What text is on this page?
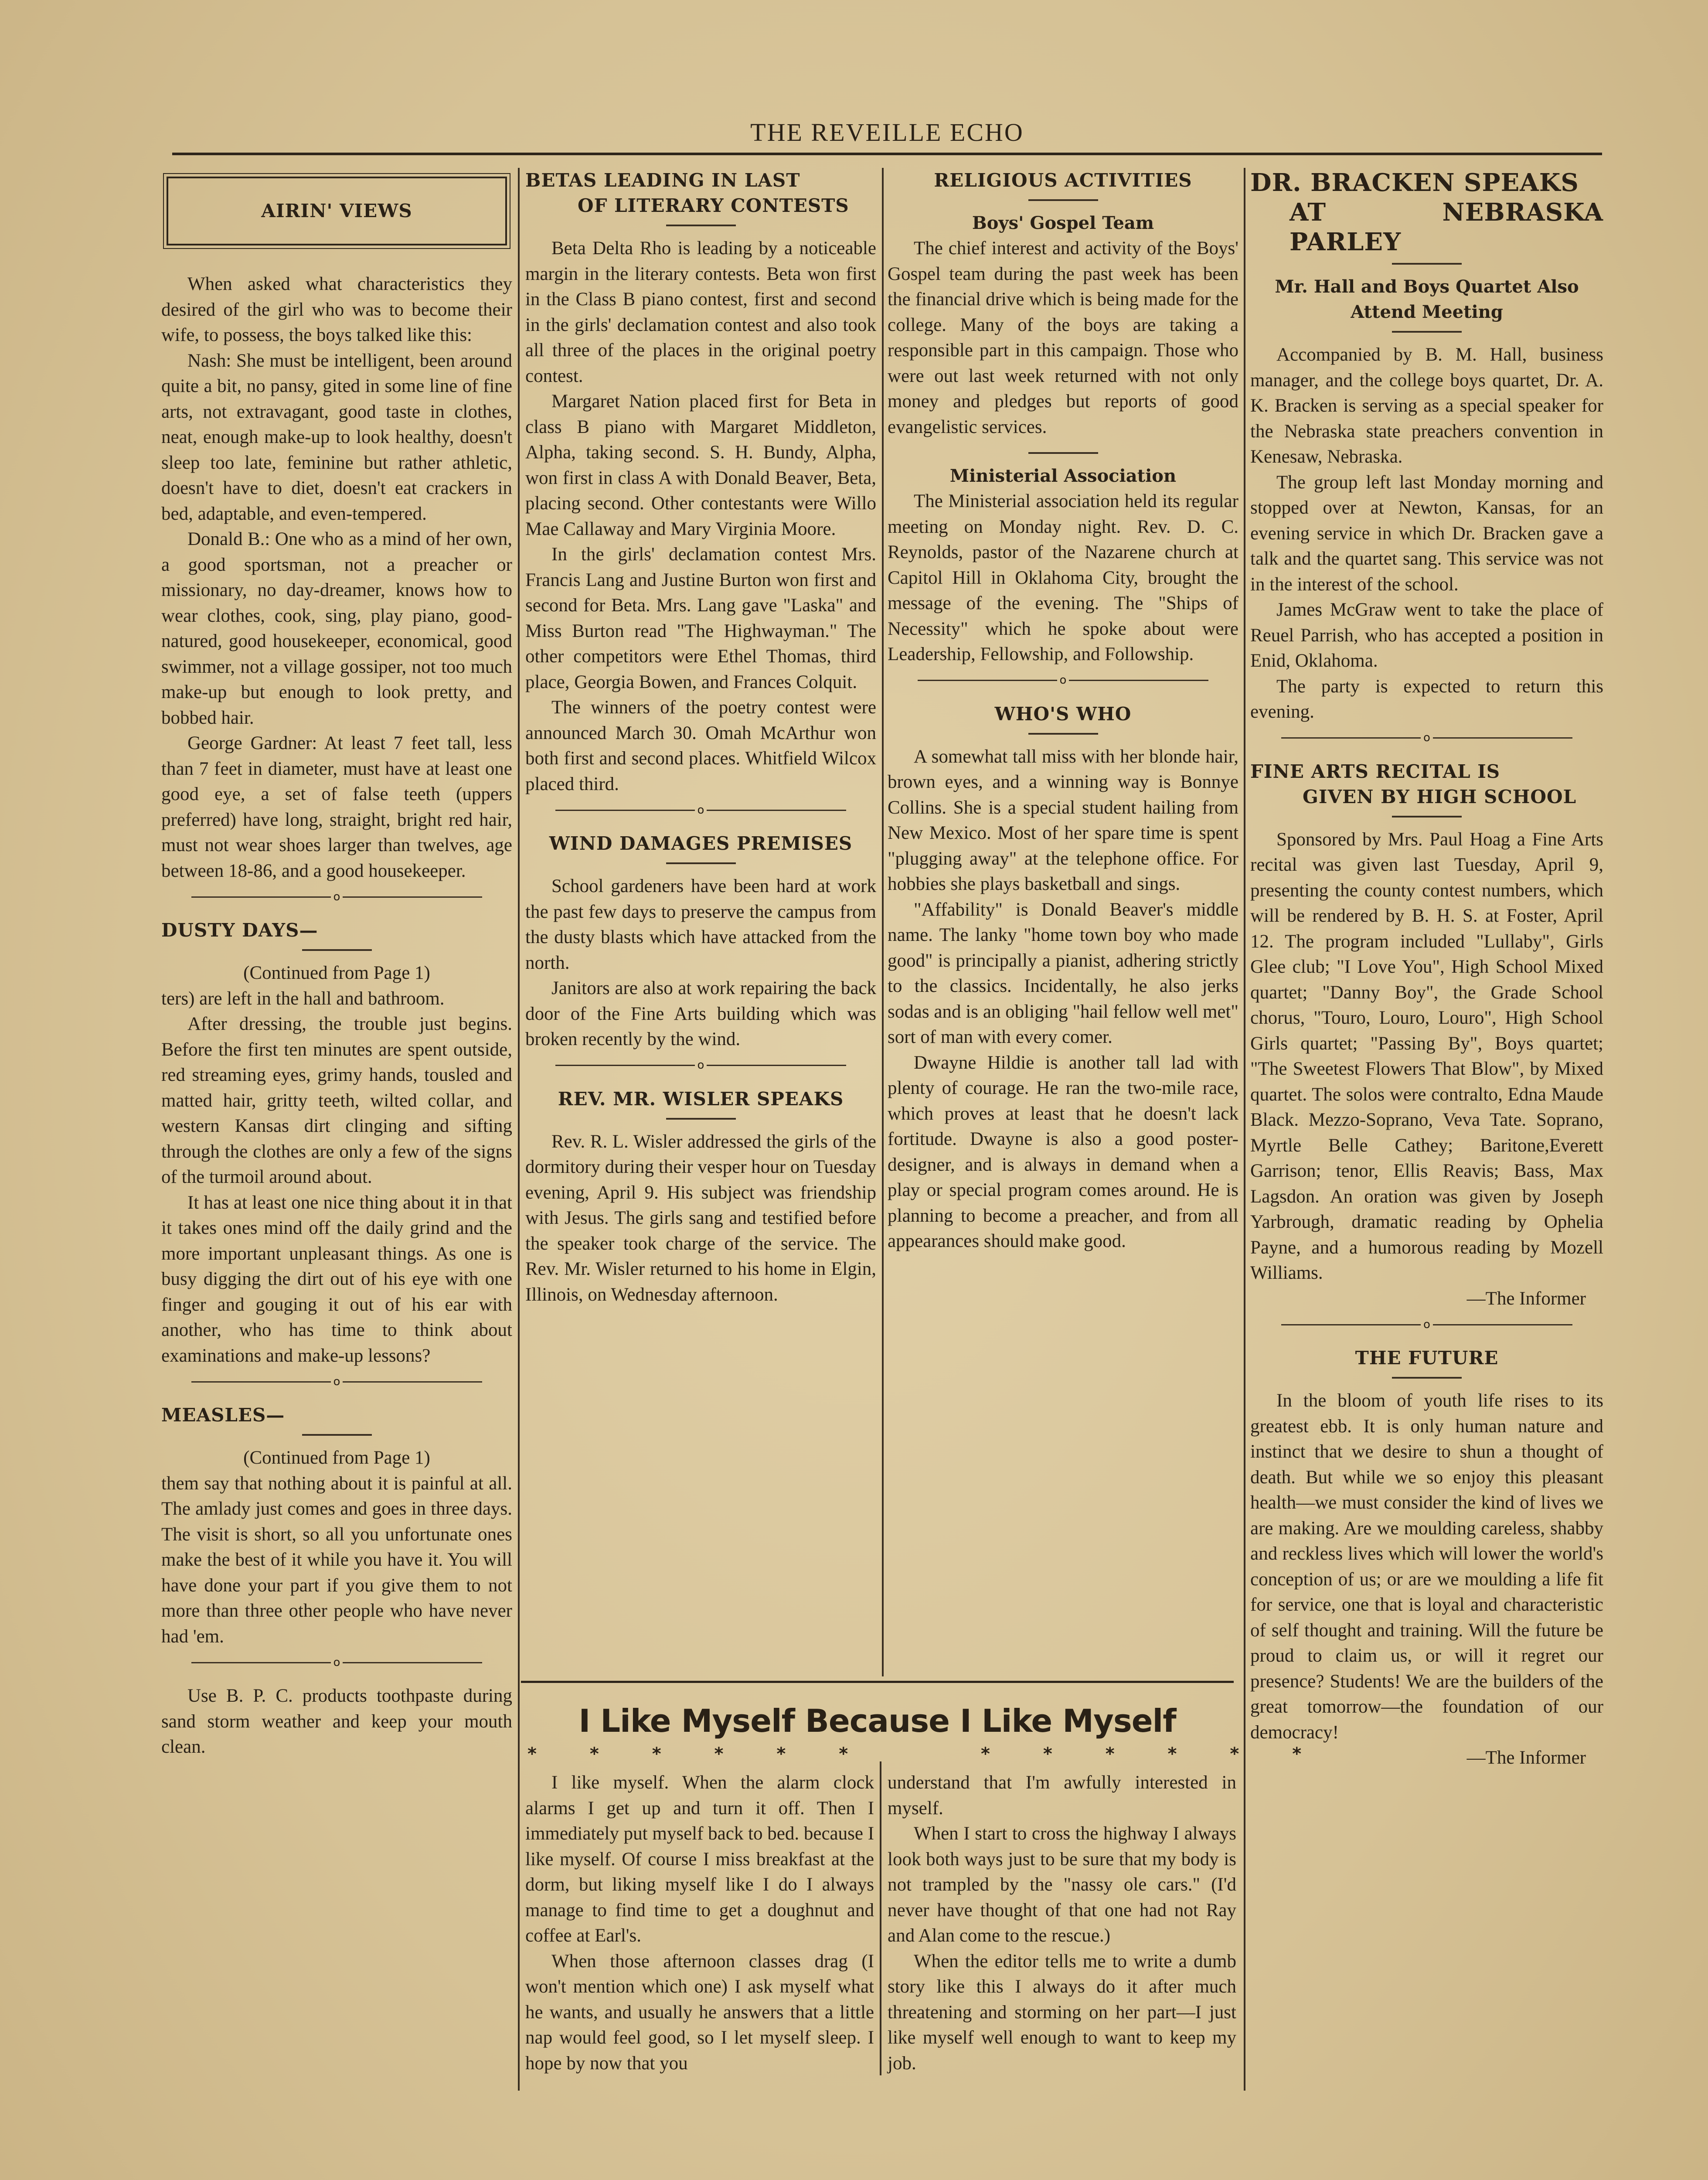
THE REVEILLE ECHO
AIRIN' VIEWS

When asked what characteristics they desired of the girl who was to become their wife, to possess, the boys talked like this:

Nash: She must be intelligent, been around quite a bit, no pansy, gited in some line of fine arts, not extravagant, good taste in clothes, neat, enough make-up to look healthy, doesn't sleep too late, feminine but rather athletic, doesn't have to diet, doesn't eat crackers in bed, adaptable, and even-tempered.

Donald B.: One who as a mind of her own, a good sportsman, not a preacher or missionary, no day-dreamer, knows how to wear clothes, cook, sing, play piano, good-natured, good housekeeper, economical, good swimmer, not a village gossiper, not too much make-up but enough to look pretty, and bobbed hair.

George Gardner: At least 7 feet tall, less than 7 feet in diameter, must have at least one good eye, a set of false teeth (uppers preferred) have long, straight, bright red hair, must not wear shoes larger than twelves, age between 18-86, and a good housekeeper.

o
DUSTY DAYS—

(Continued from Page 1)

ters) are left in the hall and bathroom.

After dressing, the trouble just begins. Before the first ten minutes are spent outside, red streaming eyes, grimy hands, tousled and matted hair, gritty teeth, wilted collar, and western Kansas dirt clinging and sifting through the clothes are only a few of the signs of the turmoil around about.

It has at least one nice thing about it in that it takes ones mind off the daily grind and the more important unpleasant things. As one is busy digging the dirt out of his eye with one finger and gouging it out of his ear with another, who has time to think about examinations and make-up lessons?

o
MEASLES—

(Continued from Page 1)

them say that nothing about it is painful at all. The amlady just comes and goes in three days. The visit is short, so all you unfortunate ones make the best of it while you have it. You will have done your part if you give them to not more than three other people who have never had 'em.

o

Use B. P. C. products toothpaste during sand storm weather and keep your mouth clean.

BETAS LEADING IN LAST
OF LITERARY CONTESTS

Beta Delta Rho is leading by a noticeable margin in the literary contests. Beta won first in the Class B piano contest, first and second in the girls' declamation contest and also took all three of the places in the original poetry contest.

Margaret Nation placed first for Beta in class B piano with Margaret Middleton, Alpha, taking second. S. H. Bundy, Alpha, won first in class A with Donald Beaver, Beta, placing second. Other contestants were Willo Mae Callaway and Mary Virginia Moore.

In the girls' declamation contest Mrs. Francis Lang and Justine Burton won first and second for Beta. Mrs. Lang gave "Laska" and Miss Burton read "The Highwayman." The other competitors were Ethel Thomas, third place, Georgia Bowen, and Frances Colquit.

The winners of the poetry contest were announced March 30. Omah McArthur won both first and second places. Whitfield Wilcox placed third.

o
WIND DAMAGES PREMISES

School gardeners have been hard at work the past few days to preserve the campus from the dusty blasts which have attacked from the north.

Janitors are also at work repairing the back door of the Fine Arts building which was broken recently by the wind.

o
REV. MR. WISLER SPEAKS

Rev. R. L. Wisler addressed the girls of the dormitory during their vesper hour on Tuesday evening, April 9. His subject was friendship with Jesus. The girls sang and testified before the speaker took charge of the service. The Rev. Mr. Wisler returned to his home in Elgin, Illinois, on Wednesday afternoon.

RELIGIOUS ACTIVITIES
Boys' Gospel Team

The chief interest and activity of the Boys' Gospel team during the past week has been the financial drive which is being made for the college. Many of the boys are taking a responsible part in this campaign. Those who were out last week returned with not only money and pledges but reports of good evangelistic services.

Ministerial Association

The Ministerial association held its regular meeting on Monday night. Rev. D. C. Reynolds, pastor of the Nazarene church at Capitol Hill in Oklahoma City, brought the message of the evening. The "Ships of Necessity" which he spoke about were Leadership, Fellowship, and Followship.

o
WHO'S WHO

A somewhat tall miss with her blonde hair, brown eyes, and a winning way is Bonnye Collins. She is a special student hailing from New Mexico. Most of her spare time is spent "plugging away" at the telephone office. For hobbies she plays basketball and sings.

"Affability" is Donald Beaver's middle name. The lanky "home town boy who made good" is principally a pianist, adhering strictly to the classics. Incidentally, he also jerks sodas and is an obliging "hail fellow well met" sort of man with every comer.

Dwayne Hildie is another tall lad with plenty of courage. He ran the two-mile race, which proves at least that he doesn't lack fortitude. Dwayne is also a good poster-designer, and is always in demand when a play or special program comes around. He is planning to become a preacher, and from all appearances should make good.

DR. BRACKEN SPEAKS
AT NEBRASKA PARLEY
Mr. Hall and Boys Quartet Also
Attend Meeting

Accompanied by B. M. Hall, business manager, and the college boys quartet, Dr. A. K. Bracken is serving as a special speaker for the Nebraska state preachers convention in Kenesaw, Nebraska.

The group left last Monday morning and stopped over at Newton, Kansas, for an evening service in which Dr. Bracken gave a talk and the quartet sang. This service was not in the interest of the school.

James McGraw went to take the place of Reuel Parrish, who has accepted a position in Enid, Oklahoma.

The party is expected to return this evening.

o
FINE ARTS RECITAL IS
GIVEN BY HIGH SCHOOL

Sponsored by Mrs. Paul Hoag a Fine Arts recital was given last Tuesday, April 9, presenting the county contest numbers, which will be rendered by B. H. S. at Foster, April 12. The program included "Lullaby", Girls Glee club; "I Love You", High School Mixed quartet; "Danny Boy", the Grade School chorus, "Touro, Louro, Louro", High School Girls quartet; "Passing By", Boys quartet; "The Sweetest Flowers That Blow", by Mixed quartet. The solos were contralto, Edna Maude Black. Mezzo-Soprano, Veva Tate. Soprano, Myrtle Belle Cathey; Baritone,Everett Garrison; tenor, Ellis Reavis; Bass, Max Lagsdon. An oration was given by Joseph Yarbrough, dramatic reading by Ophelia Payne, and a humorous reading by Mozell Williams.

—The Informer

o
THE FUTURE

In the bloom of youth life rises to its greatest ebb. It is only human nature and instinct that we desire to shun a thought of death. But while we so enjoy this pleasant health—we must consider the kind of lives we are making. Are we moulding careless, shabby and reckless lives which will lower the world's conception of us; or are we moulding a life fit for service, one that is loyal and characteristic of self thought and training. Will the future be proud to claim us, or will it regret our presence? Students! We are the builders of the great tomorrow—the foundation of our democracy!

—The Informer

I Like Myself Because I Like Myself
* * * * * *	* * * * * *

I like myself. When the alarm clock alarms I get up and turn it off. Then I immediately put myself back to bed. because I like myself. Of course I miss breakfast at the dorm, but liking myself like I do I always manage to find time to get a doughnut and coffee at Earl's.

When those afternoon classes drag (I won't mention which one) I ask myself what he wants, and usually he answers that a little nap would feel good, so I let myself sleep. I hope by now that you

understand that I'm awfully interested in myself.

When I start to cross the highway I always look both ways just to be sure that my body is not trampled by the "nassy ole cars." (I'd never have thought of that one had not Ray and Alan come to the rescue.)

When the editor tells me to write a dumb story like this I always do it after much threatening and storming on her part—I just like myself well enough to want to keep my job.
